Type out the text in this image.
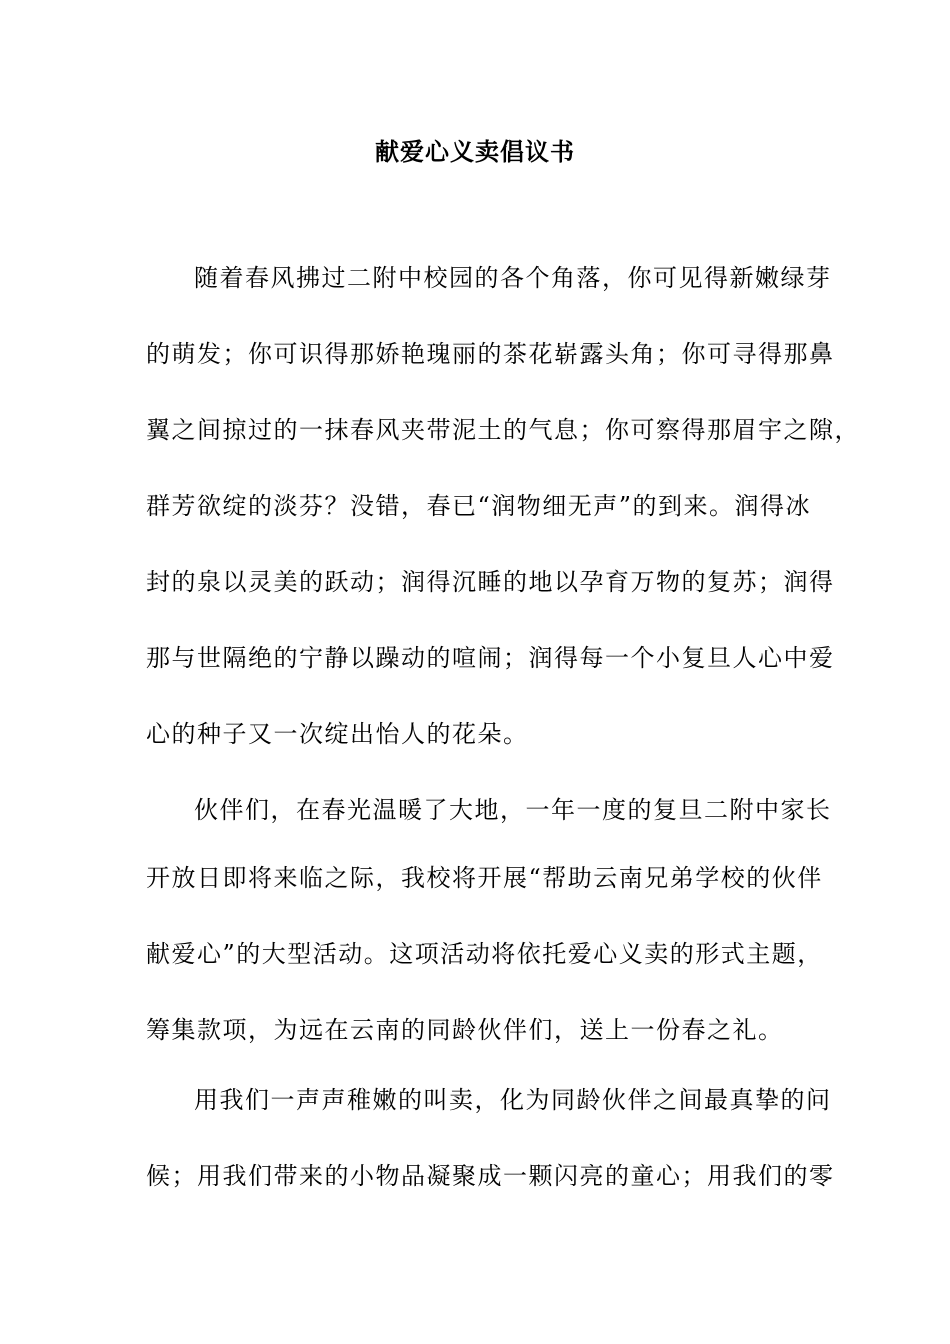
献爱心义卖倡议书

随着春风拂过二附中校园的各个角落，你可见得新嫩绿芽

的萌发；你可识得那娇艳瑰丽的茶花崭露头角；你可寻得那鼻

翼之间掠过的一抹春风夹带泥土的气息；你可察得那眉宇之隙，

群芳欲绽的淡芬？没错，春已“润物细无声”的到来。润得冰

封的泉以灵美的跃动；润得沉睡的地以孕育万物的复苏；润得

那与世隔绝的宁静以躁动的喧闹；润得每一个小复旦人心中爱

心的种子又一次绽出怡人的花朵。

伙伴们，在春光温暖了大地，一年一度的复旦二附中家长

开放日即将来临之际，我校将开展“帮助云南兄弟学校的伙伴

献爱心”的大型活动。这项活动将依托爱心义卖的形式主题，

筹集款项，为远在云南的同龄伙伴们，送上一份春之礼。

用我们一声声稚嫩的叫卖，化为同龄伙伴之间最真挚的问

候；用我们带来的小物品凝聚成一颗闪亮的童心；用我们的零
